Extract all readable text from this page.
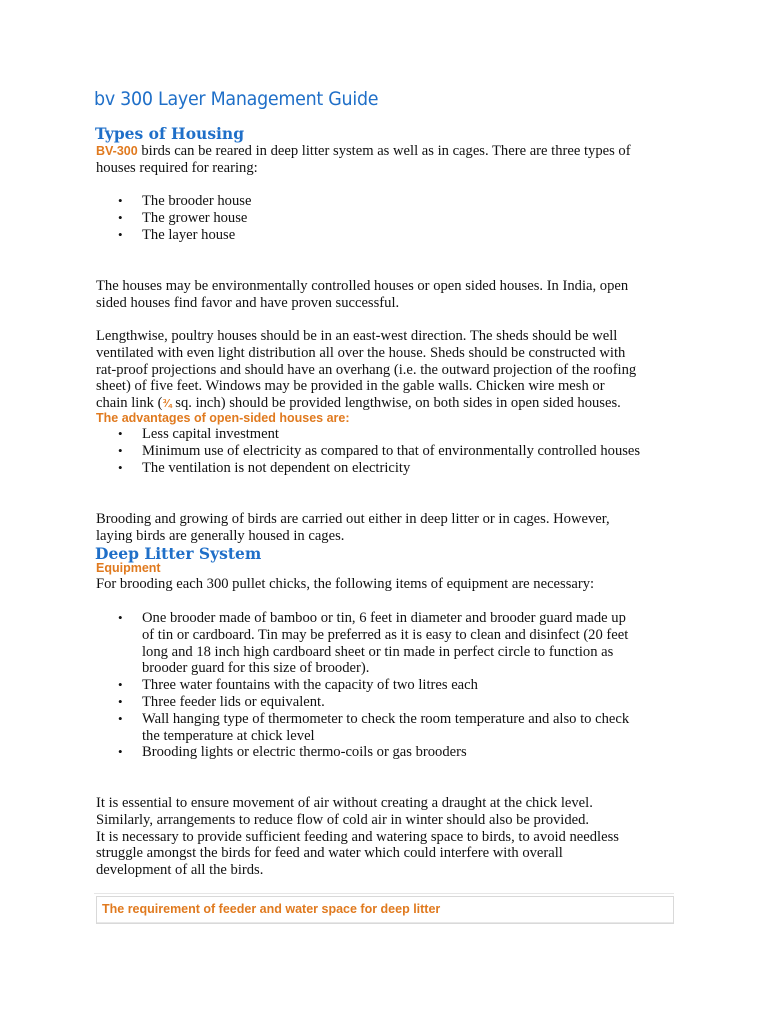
bv 300 Layer Management Guide
Types of Housing
BV-300 birds can be reared in deep litter system as well as in cages. There are three types of
houses required for rearing:
• The brooder house
• The grower house
• The layer house
The houses may be environmentally controlled houses or open sided houses. In India, open
sided houses find favor and have proven successful.
Lengthwise, poultry houses should be in an east-west direction. The sheds should be well
ventilated with even light distribution all over the house. Sheds should be constructed with
rat-proof projections and should have an overhang (i.e. the outward projection of the roofing
sheet) of five feet. Windows may be provided in the gable walls. Chicken wire mesh or
chain link (¾ sq. inch) should be provided lengthwise, on both sides in open sided houses.
The advantages of open-sided houses are:
• Less capital investment
• Minimum use of electricity as compared to that of environmentally controlled houses
• The ventilation is not dependent on electricity
Brooding and growing of birds are carried out either in deep litter or in cages. However,
laying birds are generally housed in cages.
Deep Litter System
Equipment
For brooding each 300 pullet chicks, the following items of equipment are necessary:
• One brooder made of bamboo or tin, 6 feet in diameter and brooder guard made up
of tin or cardboard. Tin may be preferred as it is easy to clean and disinfect (20 feet
long and 18 inch high cardboard sheet or tin made in perfect circle to function as
brooder guard for this size of brooder).
• Three water fountains with the capacity of two litres each
• Three feeder lids or equivalent.
• Wall hanging type of thermometer to check the room temperature and also to check
the temperature at chick level
• Brooding lights or electric thermo-coils or gas brooders
It is essential to ensure movement of air without creating a draught at the chick level.
Similarly, arrangements to reduce flow of cold air in winter should also be provided.
It is necessary to provide sufficient feeding and watering space to birds, to avoid needless
struggle amongst the birds for feed and water which could interfere with overall
development of all the birds.
The requirement of feeder and water space for deep litter
